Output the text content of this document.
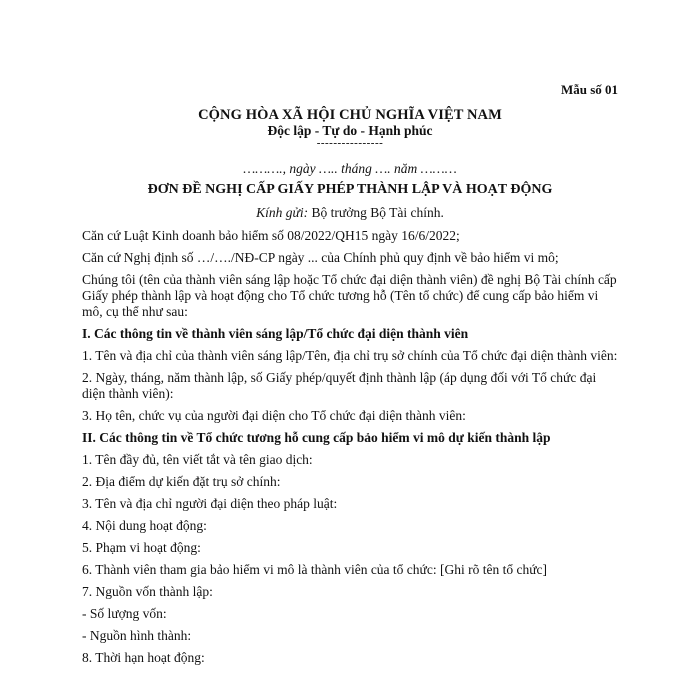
Mẫu số 01
CỘNG HÒA XÃ HỘI CHỦ NGHĨA VIỆT NAM
Độc lập - Tự do - Hạnh phúc
----------------
………., ngày ….. tháng …. năm ………
ĐƠN ĐỀ NGHỊ CẤP GIẤY PHÉP THÀNH LẬP VÀ HOẠT ĐỘNG
Kính gửi: Bộ trưởng Bộ Tài chính.

Căn cứ Luật Kinh doanh bảo hiểm số 08/2022/QH15 ngày 16/6/2022;

Căn cứ Nghị định số …/…./NĐ-CP ngày ... của Chính phủ quy định về bảo hiểm vi mô;

Chúng tôi (tên của thành viên sáng lập hoặc Tổ chức đại diện thành viên) đề nghị Bộ Tài chính cấp Giấy phép thành lập và hoạt động cho Tổ chức tương hỗ (Tên tổ chức) để cung cấp bảo hiểm vi mô, cụ thể như sau:

I. Các thông tin về thành viên sáng lập/Tổ chức đại diện thành viên

1. Tên và địa chỉ của thành viên sáng lập/Tên, địa chỉ trụ sở chính của Tổ chức đại diện thành viên:

2. Ngày, tháng, năm thành lập, số Giấy phép/quyết định thành lập (áp dụng đối với Tổ chức đại diện thành viên):

3. Họ tên, chức vụ của người đại diện cho Tổ chức đại diện thành viên:

II. Các thông tin về Tổ chức tương hỗ cung cấp bảo hiểm vi mô dự kiến thành lập

1. Tên đầy đủ, tên viết tắt và tên giao dịch:

2. Địa điểm dự kiến đặt trụ sở chính:

3. Tên và địa chỉ người đại diện theo pháp luật:

4. Nội dung hoạt động:

5. Phạm vi hoạt động:

6. Thành viên tham gia bảo hiểm vi mô là thành viên của tổ chức: [Ghi rõ tên tổ chức]

7. Nguồn vốn thành lập:

- Số lượng vốn:

- Nguồn hình thành:

8. Thời hạn hoạt động:
